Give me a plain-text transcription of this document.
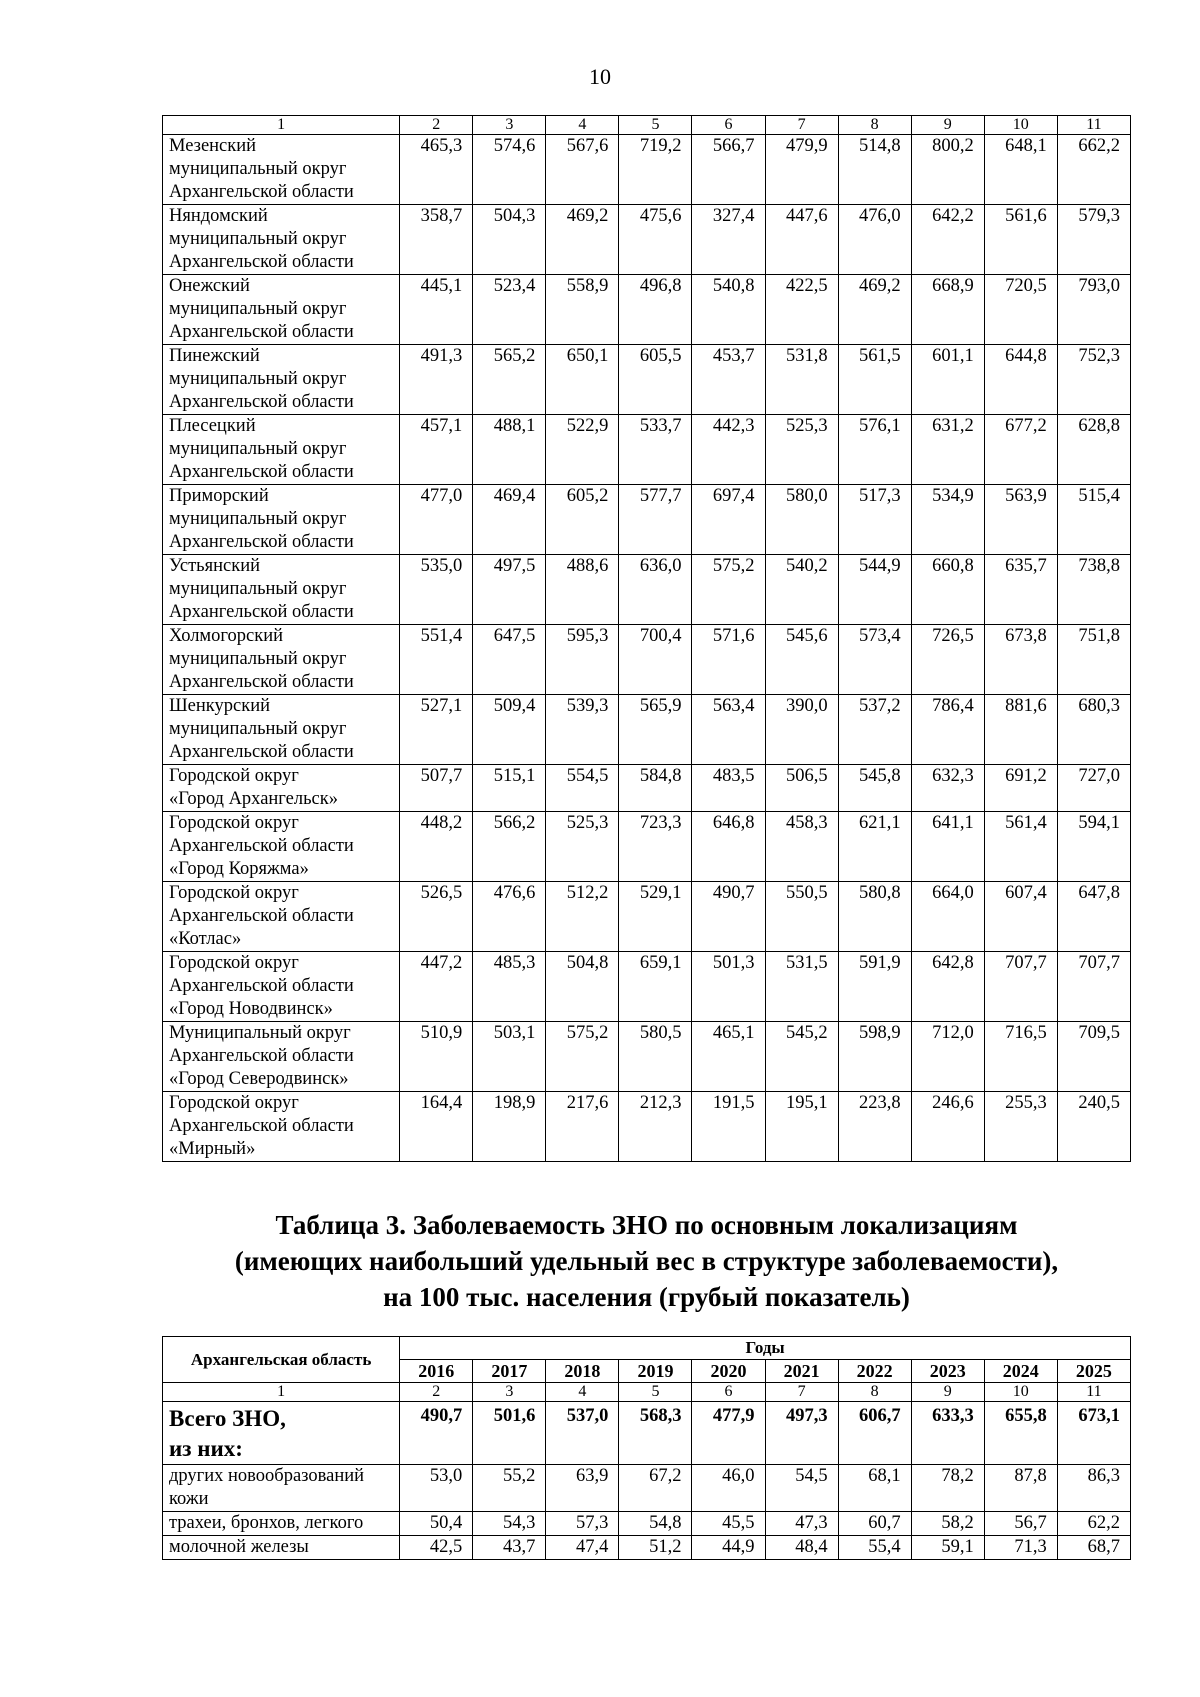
10
1	2	3	4	5	6	7	8	9	10	11

Мезенский
муниципальный округ
Архангельской области	465,3	574,6	567,6	719,2	566,7	479,9	514,8	800,2	648,1	662,2

Няндомский
муниципальный округ
Архангельской области	358,7	504,3	469,2	475,6	327,4	447,6	476,0	642,2	561,6	579,3

Онежский
муниципальный округ
Архангельской области	445,1	523,4	558,9	496,8	540,8	422,5	469,2	668,9	720,5	793,0

Пинежский
муниципальный округ
Архангельской области	491,3	565,2	650,1	605,5	453,7	531,8	561,5	601,1	644,8	752,3

Плесецкий
муниципальный округ
Архангельской области	457,1	488,1	522,9	533,7	442,3	525,3	576,1	631,2	677,2	628,8

Приморский
муниципальный округ
Архангельской области	477,0	469,4	605,2	577,7	697,4	580,0	517,3	534,9	563,9	515,4

Устьянский
муниципальный округ
Архангельской области	535,0	497,5	488,6	636,0	575,2	540,2	544,9	660,8	635,7	738,8

Холмогорский
муниципальный округ
Архангельской области	551,4	647,5	595,3	700,4	571,6	545,6	573,4	726,5	673,8	751,8

Шенкурский
муниципальный округ
Архангельской области	527,1	509,4	539,3	565,9	563,4	390,0	537,2	786,4	881,6	680,3

Городской округ
«Город Архангельск»	507,7	515,1	554,5	584,8	483,5	506,5	545,8	632,3	691,2	727,0

Городской округ
Архангельской области
«Город Коряжма»	448,2	566,2	525,3	723,3	646,8	458,3	621,1	641,1	561,4	594,1

Городской округ
Архангельской области
«Котлас»	526,5	476,6	512,2	529,1	490,7	550,5	580,8	664,0	607,4	647,8

Городской округ
Архангельской области
«Город Новодвинск»	447,2	485,3	504,8	659,1	501,3	531,5	591,9	642,8	707,7	707,7

Муниципальный округ
Архангельской области
«Город Северодвинск»	510,9	503,1	575,2	580,5	465,1	545,2	598,9	712,0	716,5	709,5

Городской округ
Архангельской области
«Мирный»	164,4	198,9	217,6	212,3	191,5	195,1	223,8	246,6	255,3	240,5
Таблица 3. Заболеваемость ЗНО по основным локализациям
(имеющих наибольший удельный вес в структуре заболеваемости),
на 100 тыс. населения (грубый показатель)
Архангельская область	Годы									
	2016	2017	2018	2019	2020	2021	2022	2023	2024	2025
1	2	3	4	5	6	7	8	9	10	11

Всего ЗНО,
из них:	490,7	501,6	537,0	568,3	477,9	497,3	606,7	633,3	655,8	673,1

других новообразований
кожи	53,0	55,2	63,9	67,2	46,0	54,5	68,1	78,2	87,8	86,3

трахеи, бронхов, легкого	50,4	54,3	57,3	54,8	45,5	47,3	60,7	58,2	56,7	62,2

молочной железы	42,5	43,7	47,4	51,2	44,9	48,4	55,4	59,1	71,3	68,7
